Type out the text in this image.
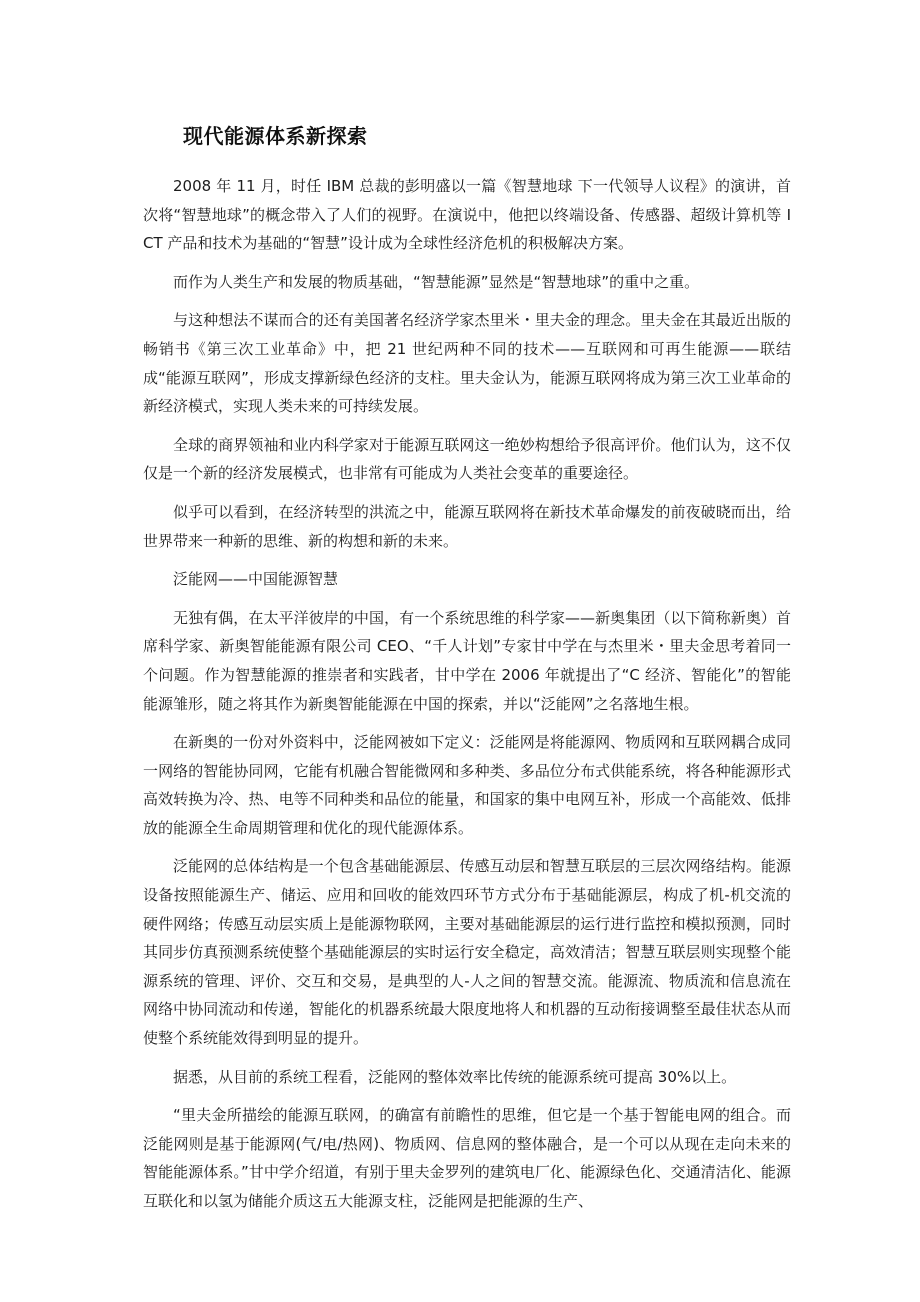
现代能源体系新探索

2008 年 11 月，时任 IBM 总裁的彭明盛以一篇《智慧地球 下一代领导人议程》的演讲，首次将“智慧地球”的概念带入了人们的视野。在演说中，他把以终端设备、传感器、超级计算机等 ICT 产品和技术为基础的“智慧”设计成为全球性经济危机的积极解决方案。

而作为人类生产和发展的物质基础，“智慧能源”显然是“智慧地球”的重中之重。

与这种想法不谋而合的还有美国著名经济学家杰里米・里夫金的理念。里夫金在其最近出版的畅销书《第三次工业革命》中，把 21 世纪两种不同的技术——互联网和可再生能源——联结成“能源互联网”，形成支撑新绿色经济的支柱。里夫金认为，能源互联网将成为第三次工业革命的新经济模式，实现人类未来的可持续发展。

全球的商界领袖和业内科学家对于能源互联网这一绝妙构想给予很高评价。他们认为，这不仅仅是一个新的经济发展模式，也非常有可能成为人类社会变革的重要途径。

似乎可以看到，在经济转型的洪流之中，能源互联网将在新技术革命爆发的前夜破晓而出，给世界带来一种新的思维、新的构想和新的未来。

泛能网——中国能源智慧

无独有偶，在太平洋彼岸的中国，有一个系统思维的科学家——新奥集团（以下简称新奥）首席科学家、新奥智能能源有限公司 CEO、“千人计划”专家甘中学在与杰里米・里夫金思考着同一个问题。作为智慧能源的推崇者和实践者，甘中学在 2006 年就提出了“C 经济、智能化”的智能能源雏形，随之将其作为新奥智能能源在中国的探索，并以“泛能网”之名落地生根。

在新奥的一份对外资料中，泛能网被如下定义：泛能网是将能源网、物质网和互联网耦合成同一网络的智能协同网，它能有机融合智能微网和多种类、多品位分布式供能系统，将各种能源形式高效转换为冷、热、电等不同种类和品位的能量，和国家的集中电网互补，形成一个高能效、低排放的能源全生命周期管理和优化的现代能源体系。

泛能网的总体结构是一个包含基础能源层、传感互动层和智慧互联层的三层次网络结构。能源设备按照能源生产、储运、应用和回收的能效四环节方式分布于基础能源层，构成了机-机交流的硬件网络；传感互动层实质上是能源物联网，主要对基础能源层的运行进行监控和模拟预测，同时其同步仿真预测系统使整个基础能源层的实时运行安全稳定，高效清洁；智慧互联层则实现整个能源系统的管理、评价、交互和交易，是典型的人-人之间的智慧交流。能源流、物质流和信息流在网络中协同流动和传递，智能化的机器系统最大限度地将人和机器的互动衔接调整至最佳状态从而使整个系统能效得到明显的提升。

据悉，从目前的系统工程看，泛能网的整体效率比传统的能源系统可提高 30%以上。

“里夫金所描绘的能源互联网，的确富有前瞻性的思维，但它是一个基于智能电网的组合。而泛能网则是基于能源网(气/电/热网)、物质网、信息网的整体融合，是一个可以从现在走向未来的智能能源体系。”甘中学介绍道，有别于里夫金罗列的建筑电厂化、能源绿色化、交通清洁化、能源互联化和以氢为储能介质这五大能源支柱，泛能网是把能源的生产、
